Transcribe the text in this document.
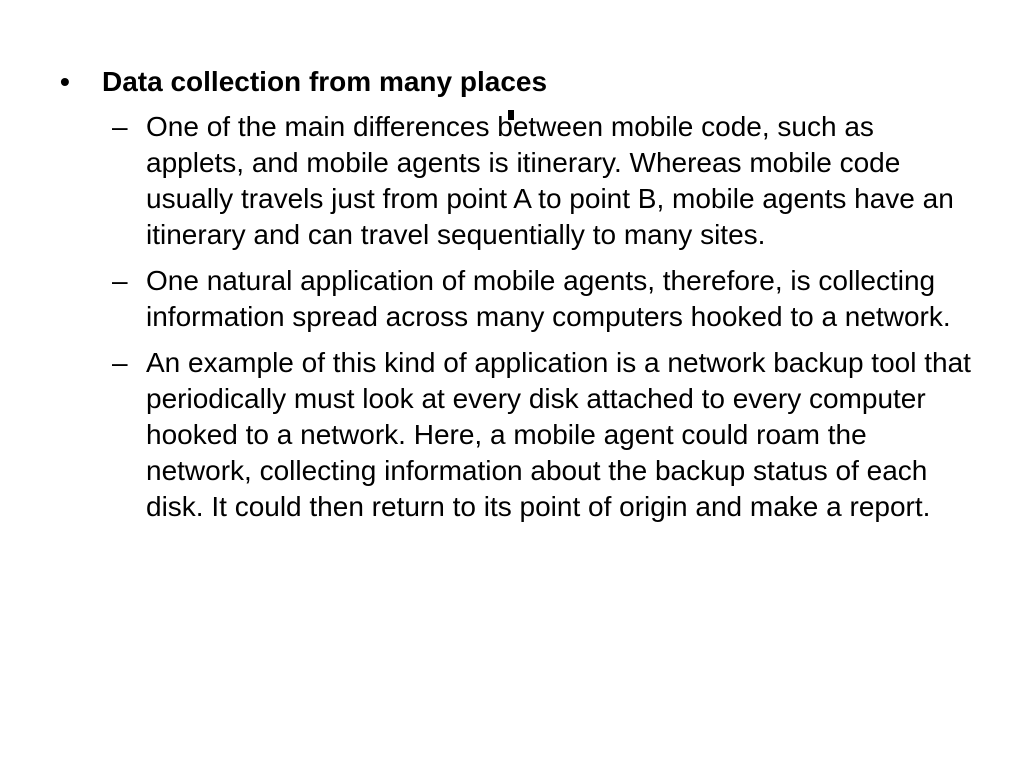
•	Data collection from many places
– One of the main differences between mobile code, such as applets, and mobile agents is itinerary. Whereas mobile code usually travels just from point A to point B, mobile agents have an itinerary and can travel sequentially to many sites.
– One natural application of mobile agents, therefore, is collecting information spread across many computers hooked to a network.
– An example of this kind of application is a network backup tool that periodically must look at every disk attached to every computer hooked to a network. Here, a mobile agent could roam the network, collecting information about the backup status of each disk. It could then return to its point of origin and make a report.
